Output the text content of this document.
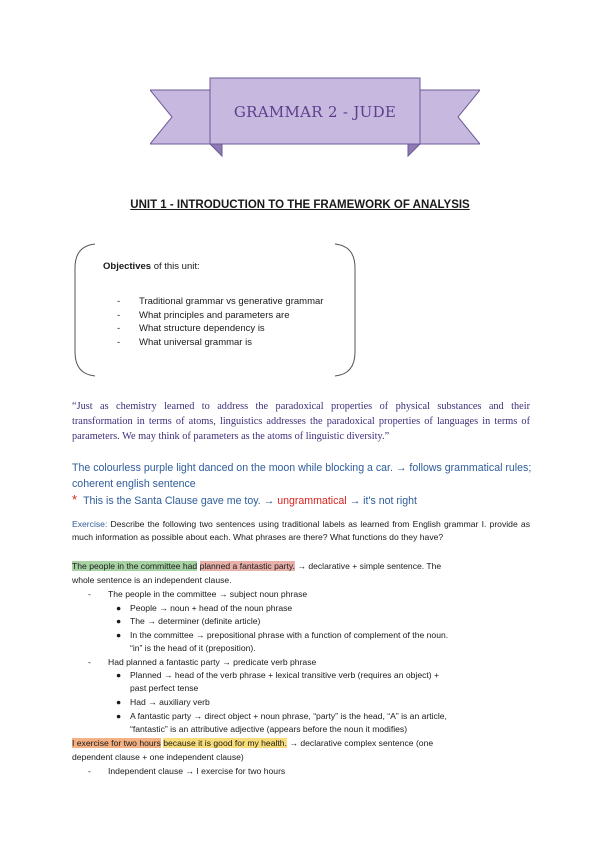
GRAMMAR 2 - JUDE
UNIT 1 - INTRODUCTION TO THE FRAMEWORK OF ANALYSIS
Objectives of this unit:
- Traditional grammar vs generative grammar
- What principles and parameters are
- What structure dependency is
- What universal grammar is
“Just as chemistry learned to address the paradoxical properties of physical substances and their transformation in terms of atoms, linguistics addresses the paradoxical properties of languages in terms of parameters. We may think of parameters as the atoms of linguistic diversity.”
The colourless purple light danced on the moon while blocking a car. → follows grammatical rules; coherent english sentence
* This is the Santa Clause gave me toy. → ungrammatical → it's not right
Exercise: Describe the following two sentences using traditional labels as learned from English grammar I. provide as much information as possible about each. What phrases are there? What functions do they have?
The people in the committee had planned a fantastic party. → declarative + simple sentence. The
whole sentence is an independent clause.
- The people in the committee → subject noun phrase
● People → noun + head of the noun phrase
● The → determiner (definite article)
● In the committee → prepositional phrase with a function of complement of the noun.
“in” is the head of it (preposition).
- Had planned a fantastic party → predicate verb phrase
● Planned → head of the verb phrase + lexical transitive verb (requires an object) +
past perfect tense
● Had → auxiliary verb
● A fantastic party → direct object + noun phrase, “party” is the head, “A” is an article,
“fantastic” is an attributive adjective (appears before the noun it modifies)
I exercise for two hours because it is good for my health. → declarative complex sentence (one
dependent clause + one independent clause)
- Independent clause → I exercise for two hours
